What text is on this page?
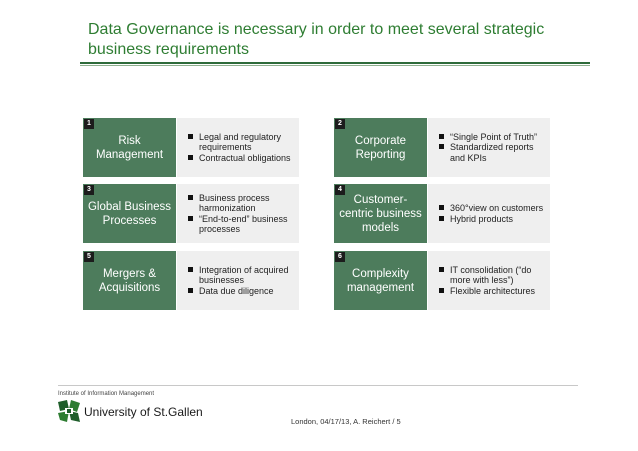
Data Governance is necessary in order to meet several strategic business requirements
Risk Management
1
Legal and regulatory requirements
Contractual obligations
Corporate Reporting
2
“Single Point of Truth”
Standardized reports and KPIs
Global Business Processes
3
Business process harmonization
“End-to-end” business processes
Customer-centric business models
4
360°view on customers
Hybrid products
Mergers & Acquisitions
5
Integration of acquired businesses
Data due diligence
Complexity management
6
IT consolidation (“do more with less”)
Flexible architectures
Institute of Information Management
University of St.Gallen
London, 04/17/13, A. Reichert / 5
